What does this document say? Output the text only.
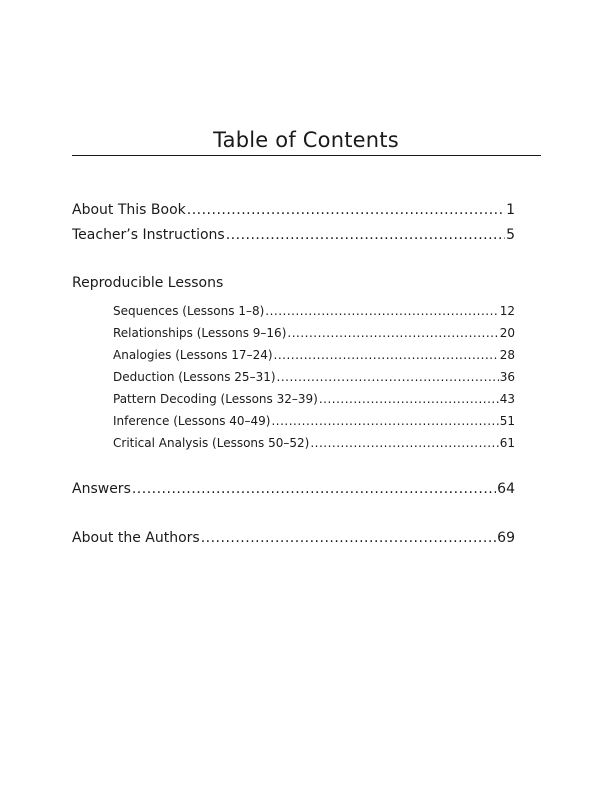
Table of Contents
About This Book .....	1
Teacher’s Instructions .....	5
Reproducible Lessons
Sequences (Lessons 1–8) .....	12
Relationships (Lessons 9–16) .....	20
Analogies (Lessons 17–24) .....	28
Deduction (Lessons 25–31) .....	36
Pattern Decoding (Lessons 32–39) .....	43
Inference (Lessons 40–49) .....	51
Critical Analysis (Lessons 50–52) .....	61
Answers .....	64
About the Authors .....	69
